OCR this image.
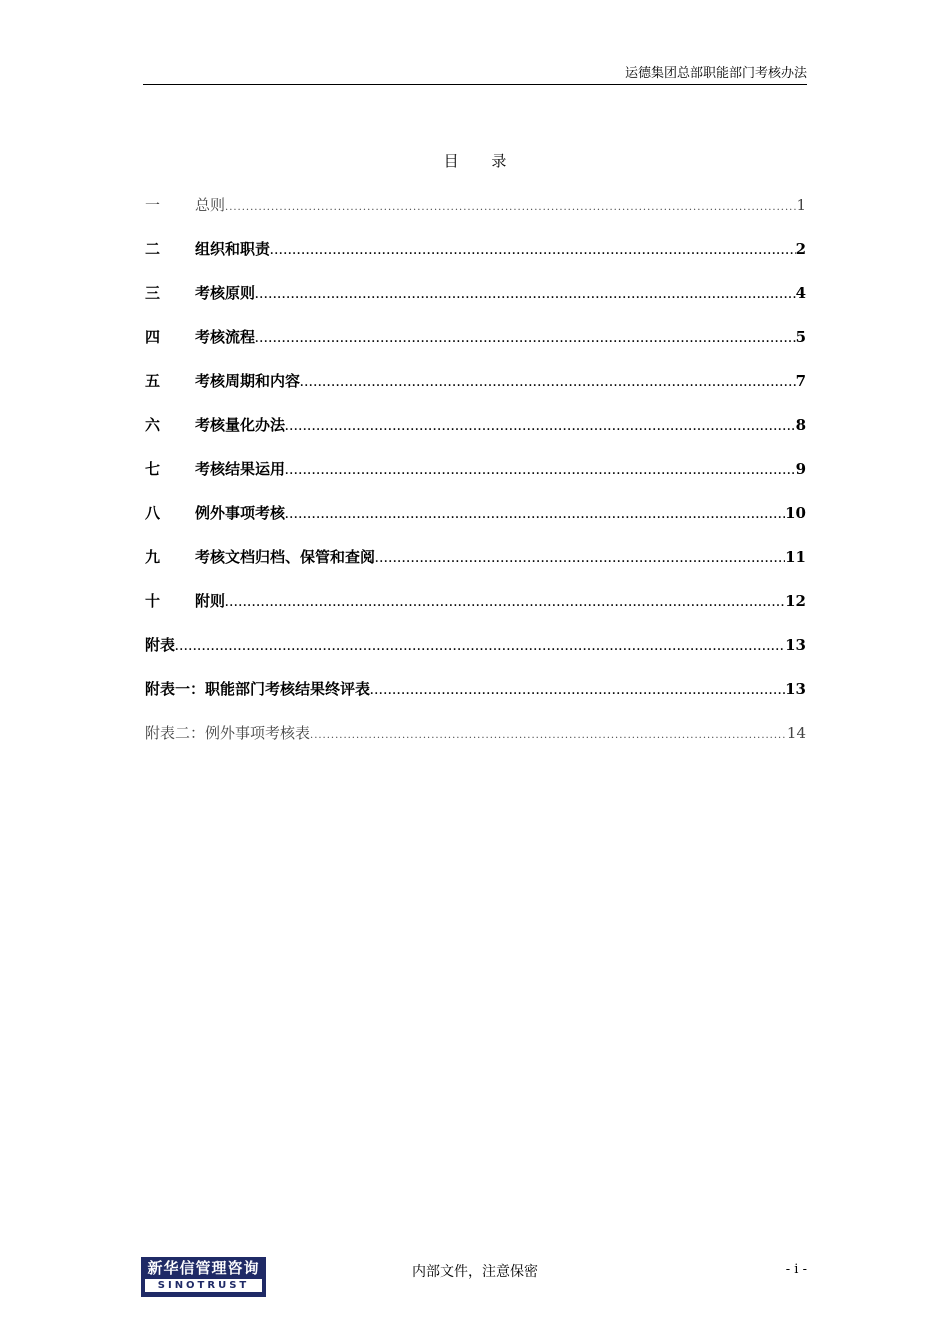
运德集团总部职能部门考核办法
目 录
一	总则 .....	1
二	组织和职责 .....	2
三	考核原则 .....	4
四	考核流程 .....	5
五	考核周期和内容 .....	7
六	考核量化办法 .....	8
七	考核结果运用 .....	9
八	例外事项考核 .....	10
九	考核文档归档、保管和查阅 .....	11
十	附则 .....	12
附表 .....	13
附表一：职能部门考核结果终评表 .....	13
附表二：例外事项考核表 .....	14
新华信管理咨询
SINOTRUST
内部文件，注意保密	- i -
